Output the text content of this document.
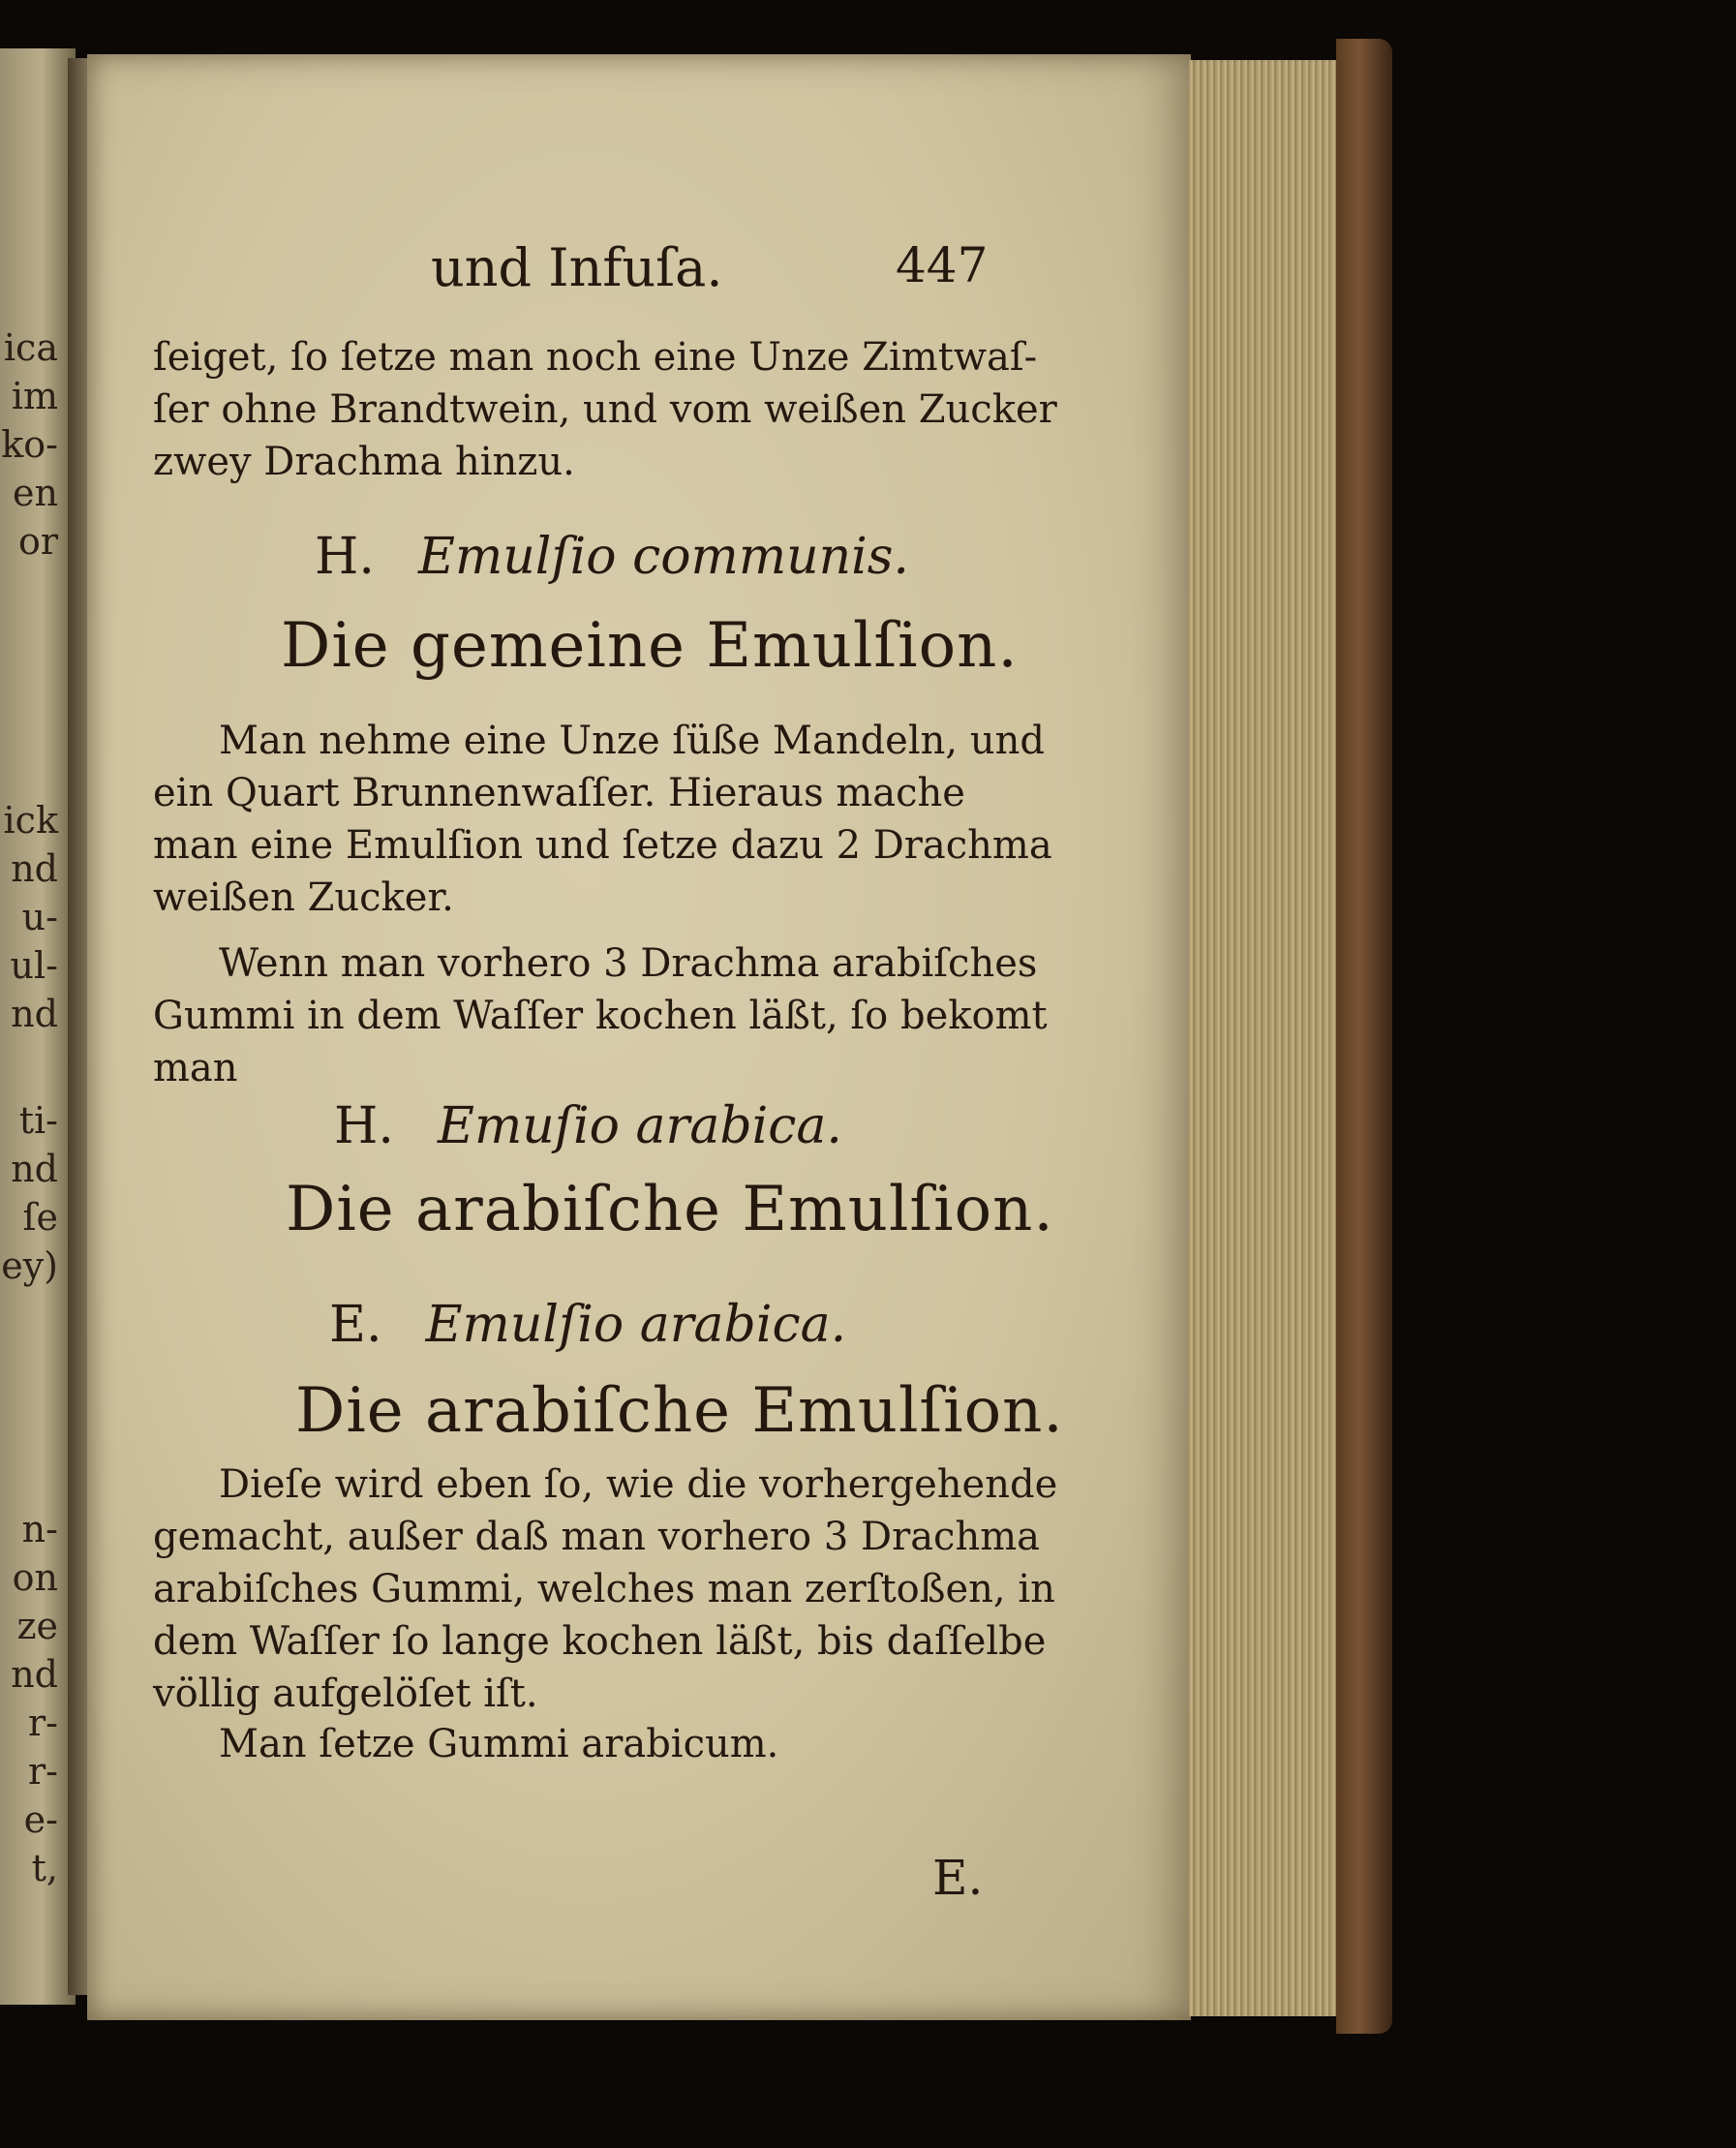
ica
im
ko-
en
or
ick
nd
u-
ul-
nd
ti-
nd
ſe
ey)
n-
on
ze
nd
r-
r-
e-
t,
und Infuſa.	447
ſeiget, ſo ſetze man noch eine Unze Zimtwaſ-
ſer ohne Brandtwein, und vom weißen Zucker
zwey Drachma hinzu.
H. Emulſio communis.
Die gemeine Emulſion.
Man nehme eine Unze ſüße Mandeln, und
ein Quart Brunnenwaſſer. Hieraus mache
man eine Emulſion und ſetze dazu 2 Drachma
weißen Zucker.
Wenn man vorhero 3 Drachma arabiſches
Gummi in dem Waſſer kochen läßt, ſo bekomt
man
H. Emuſio arabica.
Die arabiſche Emulſion.
E. Emulſio arabica.
Die arabiſche Emulſion.
Dieſe wird eben ſo, wie die vorhergehende
gemacht, außer daß man vorhero 3 Drachma
arabiſches Gummi, welches man zerſtoßen, in
dem Waſſer ſo lange kochen läßt, bis daſſelbe
völlig aufgelöſet iſt.
Man ſetze Gummi arabicum.
E.
